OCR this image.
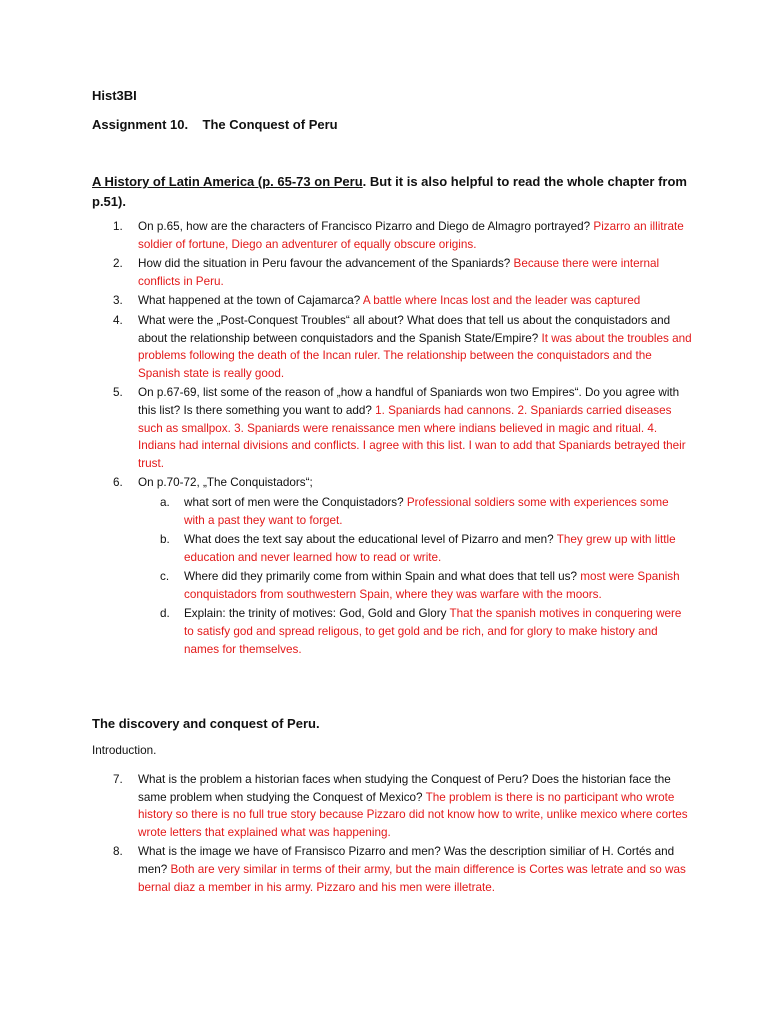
Hist3BI
Assignment 10.    The Conquest of Peru
A History of Latin America (p. 65-73 on Peru. But it is also helpful to read the whole chapter from p.51).
1. On p.65, how are the characters of Francisco Pizarro and Diego de Almagro portrayed? Pizarro an illitrate soldier of fortune, Diego an adventurer of equally obscure origins.
2. How did the situation in Peru favour the advancement of the Spaniards? Because there were internal conflicts in Peru.
3. What happened at the town of Cajamarca? A battle where Incas lost and the leader was captured
4. What were the „Post-Conquest Troubles“ all about? What does that tell us about the conquistadors and about the relationship between conquistadors and the Spanish State/Empire? It was about the troubles and problems following the death of the Incan ruler. The relationship between the conquistadors and the Spanish state is really good.
5. On p.67-69, list some of the reason of „how a handful of Spaniards won two Empires“. Do you agree with this list? Is there something you want to add? 1. Spaniards had cannons. 2. Spaniards carried diseases such as smallpox. 3. Spaniards were renaissance men where indians believed in magic and ritual. 4. Indians had internal divisions and conflicts. I agree with this list. I wan to add that Spaniards betrayed their trust.
6. On p.70-72, „The Conquistadors“;
a. what sort of men were the Conquistadors? Professional soldiers some with experiences some with a past they want to forget.
b. What does the text say about the educational level of Pizarro and men? They grew up with little education and never learned how to read or write.
c. Where did they primarily come from within Spain and what does that tell us? most were Spanish conquistadors from southwestern Spain, where they was warfare with the moors.
d. Explain: the trinity of motives: God, Gold and Glory That the spanish motives in conquering were to satisfy god and spread religous, to get gold and be rich, and for glory to make history and names for themselves.
The discovery and conquest of Peru.
Introduction.
7. What is the problem a historian faces when studying the Conquest of Peru? Does the historian face the same problem when studying the Conquest of Mexico? The problem is there is no participant who wrote history so there is no full true story because Pizzaro did not know how to write, unlike mexico where cortes wrote letters that explained what was happening.
8. What is the image we have of Fransisco Pizarro and men? Was the description similiar of H. Cortés and men? Both are very similar in terms of their army, but the main difference is Cortes was letrate and so was bernal diaz a member in his army. Pizzaro and his men were illetrate.
